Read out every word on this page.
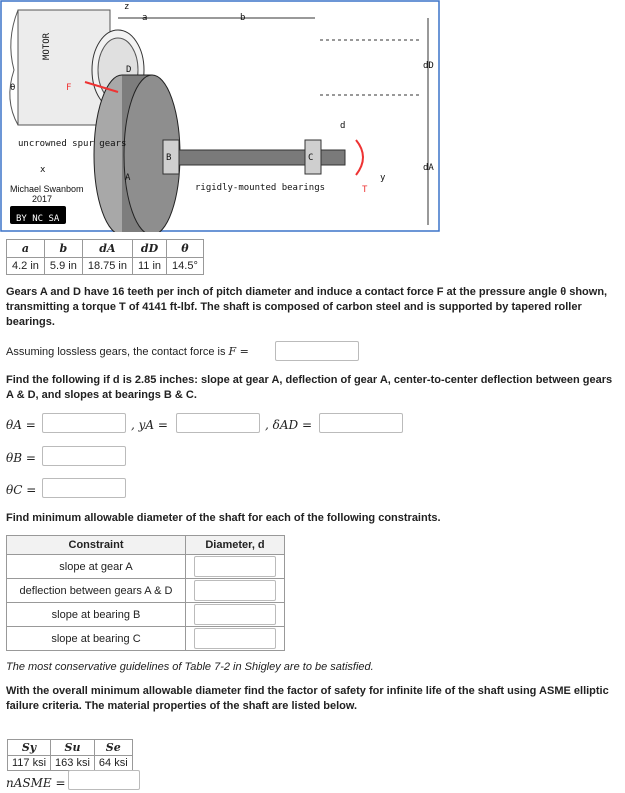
MOTOR
D
A
B	C
T
F
θ
a	b
z
dD
dA
d
y
x
uncrowned spur gears
rigidly-mounted bearings
Michael Swanbom
2017
BY NC SA
a	b	dA	dD	θ
4.2 in	5.9 in	18.75 in	11 in	14.5°
Gears A and D have 16 teeth per inch of pitch diameter and induce a contact force F at the pressure angle θ shown, transmitting a torque T of 4141 ft-lbf. The shaft is composed of carbon steel and is supported by tapered roller bearings.
Assuming lossless gears, the contact force is F =
Find the following if d is 2.85 inches: slope at gear A, deflection of gear A, center-to-center deflection between gears A & D, and slopes at bearings B & C.
θA =	, yA =	, δAD =
θB =
θC =
Find minimum allowable diameter of the shaft for each of the following constraints.
Constraint	Diameter, d
slope at gear A	

deflection between gears A & D	

slope at bearing B	

slope at bearing C	
The most conservative guidelines of Table 7-2 in Shigley are to be satisfied.
With the overall minimum allowable diameter find the factor of safety for infinite life of the shaft using ASME elliptic failure criteria. The material properties of the shaft are listed below.
Sy	Su	Se
117 ksi	163 ksi	64 ksi
nASME =
